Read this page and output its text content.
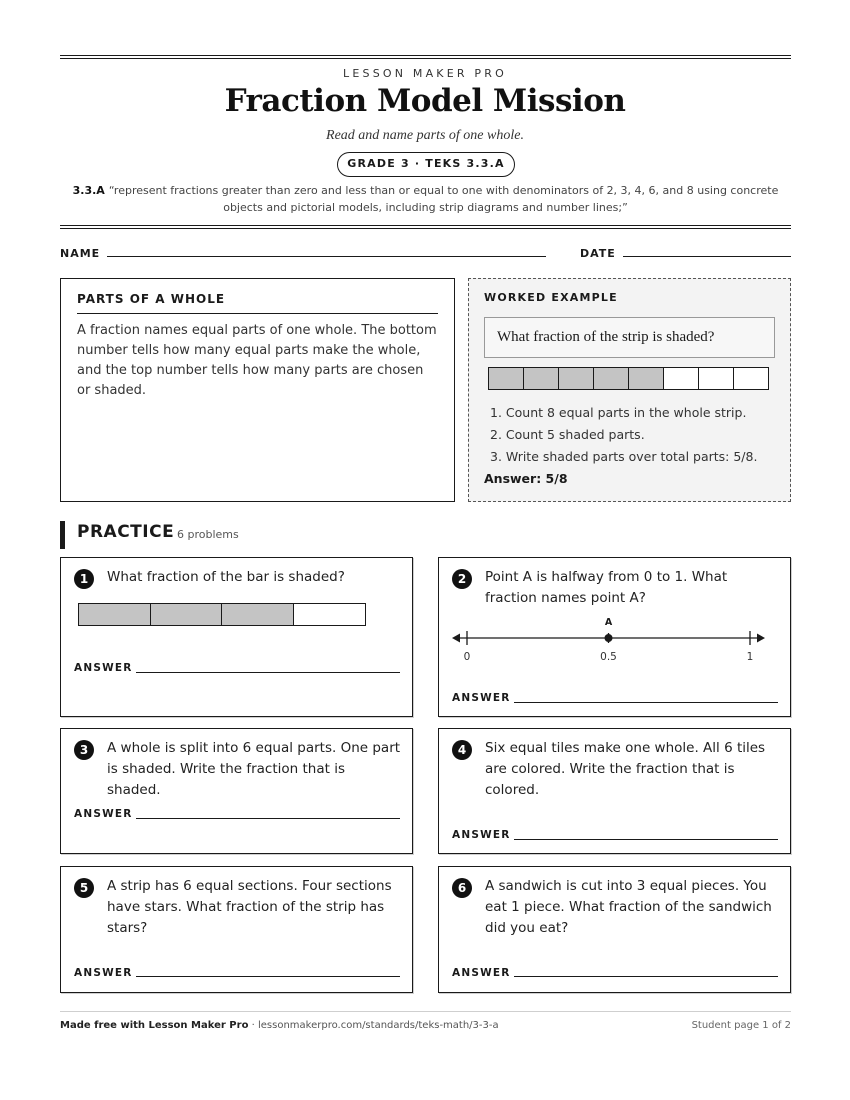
LESSON MAKER PRO
Fraction Model Mission
Read and name parts of one whole.
GRADE 3 · TEKS 3.3.A
3.3.A “represent fractions greater than zero and less than or equal to one with denominators of 2, 3, 4, 6, and 8 using concrete objects and pictorial models, including strip diagrams and number lines;”
NAME	DATE
PARTS OF A WHOLE
A fraction names equal parts of one whole. The bottom number tells how many equal parts make the whole, and the top number tells how many parts are chosen or shaded.
WORKED EXAMPLE
What fraction of the strip is shaded?
1. Count 8 equal parts in the whole strip.
2. Count 5 shaded parts.
3. Write shaded parts over total parts: 5/8.
Answer: 5/8
PRACTICE 6 problems
1	What fraction of the bar is shaded?
ANSWER
2	Point A is halfway from 0 to 1. What fraction names point A?
0	0.5	1
A
ANSWER
3	A whole is split into 6 equal parts. One part is shaded. Write the fraction that is shaded.
ANSWER
4	Six equal tiles make one whole. All 6 tiles are colored. Write the fraction that is colored.
ANSWER
5	A strip has 6 equal sections. Four sections have stars. What fraction of the strip has stars?
ANSWER
6	A sandwich is cut into 3 equal pieces. You eat 1 piece. What fraction of the sandwich did you eat?
ANSWER
Made free with Lesson Maker Pro · lessonmakerpro.com/standards/teks-math/3-3-a	Student page 1 of 2
